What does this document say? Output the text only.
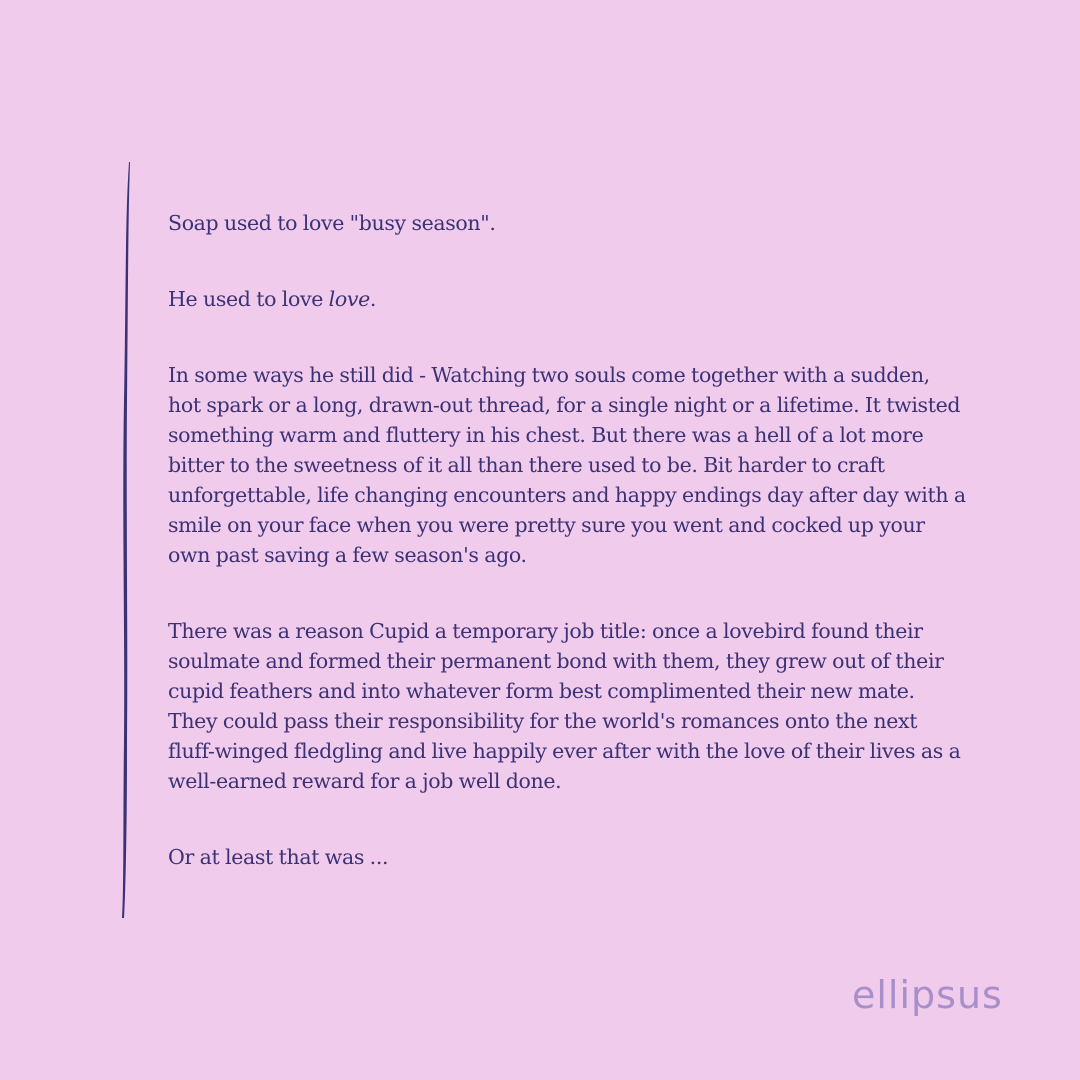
Soap used to love "busy season".

He used to love love.

In some ways he still did - Watching two souls come together with a sudden, hot spark or a long, drawn-out thread, for a single night or a lifetime. It twisted something warm and fluttery in his chest. But there was a hell of a lot more bitter to the sweetness of it all than there used to be. Bit harder to craft unforgettable, life changing encounters and happy endings day after day with a smile on your face when you were pretty sure you went and cocked up your own past saving a few season's ago.

There was a reason Cupid a temporary job title: once a lovebird found their soulmate and formed their permanent bond with them, they grew out of their cupid feathers and into whatever form best complimented their new mate. They could pass their responsibility for the world's romances onto the next fluff-winged fledgling and live happily ever after with the love of their lives as a well-earned reward for a job well done.

Or at least that was ...

ellipsus
